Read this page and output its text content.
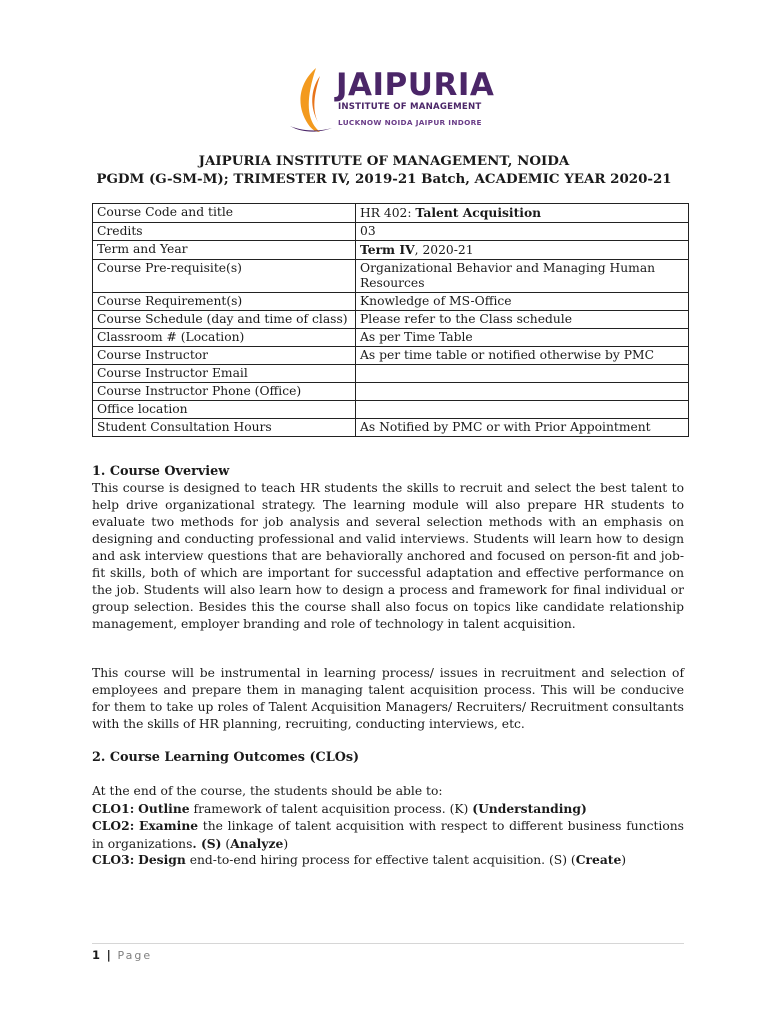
JAIPURIA
INSTITUTE OF MANAGEMENT
LUCKNOW NOIDA JAIPUR INDORE
JAIPURIA INSTITUTE OF MANAGEMENT, NOIDA
PGDM (G-SM-M); TRIMESTER IV, 2019-21 Batch, ACADEMIC YEAR 2020-21
Course Code and title	HR 402: Talent Acquisition
Credits	03
Term and Year	Term IV, 2020-21
Course Pre-requisite(s)	Organizational Behavior and Managing Human Resources
Course Requirement(s)	Knowledge of MS-Office
Course Schedule (day and time of class)	Please refer to the Class schedule
Classroom # (Location)	As per Time Table
Course Instructor	As per time table or notified otherwise by PMC
Course Instructor Email	
Course Instructor Phone (Office)	
Office location	
Student Consultation Hours	As Notified by PMC or with Prior Appointment
1. Course Overview
This course is designed to teach HR students the skills to recruit and select the best talent to help drive organizational strategy. The learning module will also prepare HR students to evaluate two methods for job analysis and several selection methods with an emphasis on designing and conducting professional and valid interviews. Students will learn how to design and ask interview questions that are behaviorally anchored and focused on person-fit and job-fit skills, both of which are important for successful adaptation and effective performance on the job. Students will also learn how to design a process and framework for final individual or group selection. Besides this the course shall also focus on topics like candidate relationship management, employer branding and role of technology in talent acquisition.
This course will be instrumental in learning process/ issues in recruitment and selection of employees and prepare them in managing talent acquisition process. This will be conducive for them to take up roles of Talent Acquisition Managers/ Recruiters/ Recruitment consultants with the skills of HR planning, recruiting, conducting interviews, etc.
2. Course Learning Outcomes (CLOs)
At the end of the course, the students should be able to:
CLO1: Outline framework of talent acquisition process. (K) (Understanding)
CLO2: Examine the linkage of talent acquisition with respect to different business functions in organizations. (S) (Analyze)
CLO3: Design end-to-end hiring process for effective talent acquisition. (S) (Create)
1 | Page
